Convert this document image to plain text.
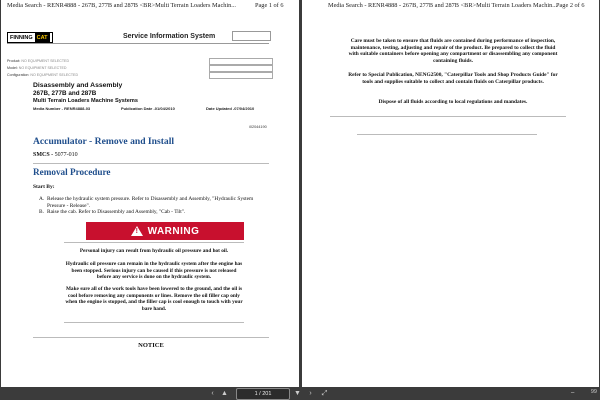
Media Search - RENR4888 - 267B, 277B and 287B <BR>Multi Terrain Loaders Machin...	Page 1 of 6
FINNING CAT	Service Information System
Product: NO EQUIPMENT SELECTED
Model: NO EQUIPMENT SELECTED
Configuration: NO EQUIPMENT SELECTED
Disassembly and Assembly
267B, 277B and 287B
Multi Terrain Loaders Machine Systems
Media Number - RENR4888-03	Publication Date -01/04/2010	Date Updated -07/04/2010
i02044190
Accumulator - Remove and Install
SMCS - 5077-010
Removal Procedure
Start By:
A. Release the hydraulic system pressure. Refer to Disassembly and Assembly, "Hydraulic System Pressure - Release".
B. Raise the cab. Refer to Disassembly and Assembly, "Cab - Tilt".
! WARNING
Personal injury can result from hydraulic oil pressure and hot oil.
Hydraulic oil pressure can remain in the hydraulic system after the engine has been stopped. Serious injury can be caused if this pressure is not released before any service is done on the hydraulic system.
Make sure all of the work tools have been lowered to the ground, and the oil is cool before removing any components or lines. Remove the oil filler cap only when the engine is stopped, and the filler cap is cool enough to touch with your bare hand.
NOTICE
Media Search - RENR4888 - 267B, 277B and 287B <BR>Multi Terrain Loaders Machin...
Page 2 of 6
Care must be taken to ensure that fluids are contained during performance of inspection, maintenance, testing, adjusting and repair of the product. Be prepared to collect the fluid with suitable containers before opening any compartment or disassembling any component containing fluids.
Refer to Special Publication, NENG2500, "Caterpillar Tools and Shop Products Guide" for tools and supplies suitable to collect and contain fluids on Caterpillar products.
Dispose of all fluids according to local regulations and mandates.
‹	▲	1 / 201	▼	›	⤢	−	99
